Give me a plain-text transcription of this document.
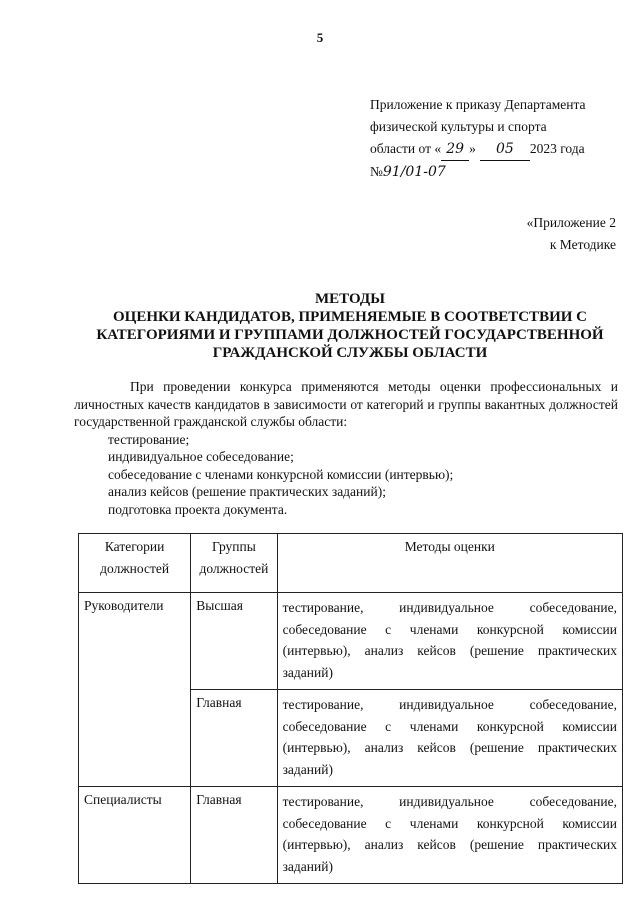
5
Приложение к приказу Департамента
физической культуры и спорта
области от « 29 » 05 2023 года
№91/01-07
«Приложение 2
к Методике
МЕТОДЫ
ОЦЕНКИ КАНДИДАТОВ, ПРИМЕНЯЕМЫЕ В СООТВЕТСТВИИ С
КАТЕГОРИЯМИ И ГРУППАМИ ДОЛЖНОСТЕЙ ГОСУДАРСТВЕННОЙ
ГРАЖДАНСКОЙ СЛУЖБЫ ОБЛАСТИ

При проведении конкурса применяются методы оценки профессиональных и личностных качеств кандидатов в зависимости от категорий и группы вакантных должностей государственной гражданской службы области:

тестирование;
индивидуальное собеседование;
собеседование с членами конкурсной комиссии (интервью);
анализ кейсов (решение практических заданий);
подготовка проекта документа.
Категории должностей	Группы должностей	Методы оценки
Руководители	Высшая	тестирование, индивидуальное собеседование, собеседование с членами конкурсной комиссии (интервью), анализ кейсов (решение практических заданий)
	Главная	тестирование, индивидуальное собеседование, собеседование с членами конкурсной комиссии (интервью), анализ кейсов (решение практических заданий)
Специалисты	Главная	тестирование, индивидуальное собеседование, собеседование с членами конкурсной комиссии (интервью), анализ кейсов (решение практических заданий)
